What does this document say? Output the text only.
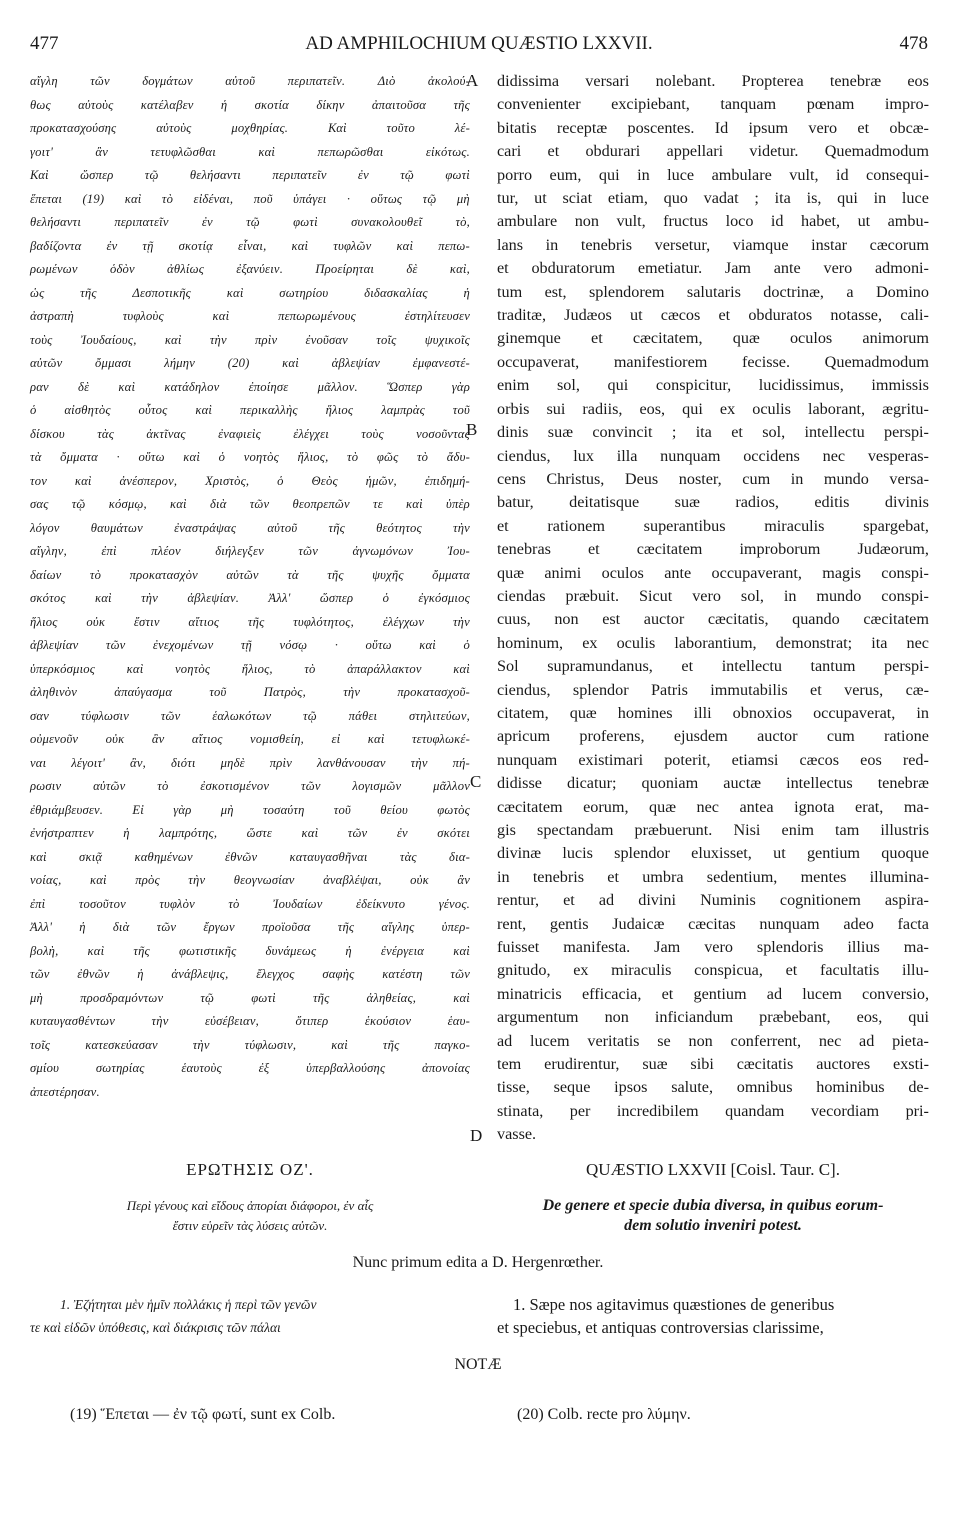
477	AD AMPHILOCHIUM QUÆSTIO LXXVII.	478
αἴγλη	τῶν	δογμάτων	αὐτοῦ	περιπατεῖν.	Διὸ	ἀκολού-
θως αὐτοὺς κατέλαβεν ἡ σκοτία δίκην ἀπαιτοῦσα τῆς
προκατασχούσης	αὐτοὺς	μοχθηρίας.	Καὶ	τοῦτο	λέ-
γοιτ'	ἂν	τετυφλῶσθαι	καὶ	πεπωρῶσθαι	εἰκότως.
Καὶ ὥσπερ τῷ θελήσαντι περιπατεῖν ἐν τῷ φωτὶ
ἕπεται (19) καὶ τὸ εἰδέναι, ποῦ ὑπάγει · οὕτως τῷ μὴ
θελήσαντι	περιπατεῖν	ἐν	τῷ	φωτὶ	συνακολουθεῖ	τὸ,
βαδίζοντα ἐν τῇ σκοτίᾳ εἶναι, καὶ τυφλῶν καὶ πεπω-
ρωμένων	ὁδὸν	ἀθλίως	ἐξανύειν.	Προείρηται	δὲ	καὶ,
ὡς	τῆς	Δεσποτικῆς	καὶ	σωτηρίου	διδασκαλίας	ἡ
ἀστραπὴ	τυφλοὺς	καὶ	πεπωρωμένους	ἐστηλίτευσεν
τοὺς Ἰουδαίους, καὶ τὴν πρὶν ἐνοῦσαν τοῖς ψυχικοῖς
αὐτῶν	ὄμμασι	λήμην	(20)	καὶ	ἀβλεψίαν	ἐμφανεστέ-
ραν δὲ καὶ κατάδηλον ἐποίησε μᾶλλον. Ὥσπερ γὰρ
ὁ αἰσθητὸς οὗτος καὶ περικαλλὴς ἥλιος λαμπρὰς τοῦ
δίσκου	τὰς	ἀκτῖνας	ἐναφιεὶς	ἐλέγχει	τοὺς	νοσοῦντας
τὰ ὄμματα · οὕτω καὶ ὁ νοητὸς ἥλιος, τὸ φῶς τὸ ἄδυ-
τον καὶ ἀνέσπερον, Χριστὸς, ὁ Θεὸς ἡμῶν, ἐπιδημή-
σας τῷ κόσμῳ, καὶ διὰ τῶν θεοπρεπῶν τε καὶ ὑπὲρ
λόγον θαυμάτων ἐναστράψας αὐτοῦ τῆς θεότητος τὴν
αἴγλην,	ἐπὶ	πλέον	διήλεγξεν	τῶν	ἀγνωμόνων	Ἰου-
δαίων τὸ προκατασχὸν αὐτῶν τὰ τῆς ψυχῆς ὄμματα
σκότος καὶ τὴν ἀβλεψίαν. Ἀλλ' ὥσπερ ὁ ἐγκόσμιος
ἥλιος οὐκ ἔστιν αἴτιος τῆς τυφλότητος, ἐλέγχων τὴν
ἀβλεψίαν τῶν ἐνεχομένων τῇ νόσῳ · οὕτω καὶ ὁ
ὑπερκόσμιος	καὶ	νοητὸς	ἥλιος,	τὸ	ἀπαράλλακτον	καὶ
ἀληθινὸν	ἀπαύγασμα	τοῦ	Πατρὸς,	τὴν	προκατασχοῦ-
σαν	τύφλωσιν	τῶν	ἑαλωκότων	τῷ	πάθει	στηλιτεύων,
οὐμενοῦν οὐκ ἂν αἴτιος νομισθείη, εἰ καὶ τετυφλωκέ-
ναι λέγοιτ' ἂν, διότι μηδὲ πρὶν λανθάνουσαν τὴν πή-
ρωσιν	αὐτῶν	τὸ	ἐσκοτισμένον	τῶν	λογισμῶν	μᾶλλον
ἐθριάμβευσεν. Εἰ γὰρ μὴ τοσαύτη τοῦ θείου φωτὸς
ἐνήστραπτεν ἡ λαμπρότης, ὥστε καὶ τῶν ἐν σκότει
καὶ	σκιᾷ	καθημένων	ἐθνῶν	καταυγασθῆναι	τὰς	δια-
νοίας, καὶ πρὸς τὴν θεογνωσίαν ἀναβλέψαι, οὐκ ἂν
ἐπὶ	τοσοῦτον	τυφλὸν	τὸ	Ἰουδαίων	ἐδείκνυτο	γένος.
Ἀλλ' ἡ διὰ τῶν ἔργων προϊοῦσα τῆς αἴγλης ὑπερ-
βολὴ, καὶ τῆς φωτιστικῆς δυνάμεως ἡ ἐνέργεια καὶ
τῶν ἐθνῶν ἡ ἀνάβλεψις, ἔλεγχος σαφὴς κατέστη τῶν
μὴ	προσδραμόντων	τῷ	φωτὶ	τῆς	ἀληθείας,	καὶ
κυταυγασθέντων	τὴν	εὐσέβειαν,	ὅτιπερ	ἑκούσιον	ἑαυ-
τοῖς	κατεσκεύασαν	τὴν	τύφλωσιν,	καὶ	τῆς	παγκο-
σμίου	σωτηρίας	ἑαυτοὺς	ἐξ	ὑπερβαλλούσης	ἀπονοίας
ἀπεστέρησαν.
didissima versari nolebant. Propterea tenebræ eos
convenienter excipiebant, tanquam pœnam impro-
bitatis receptæ poscentes. Id ipsum vero et obcæ-
cari et obdurari appellari videtur. Quemadmodum
porro eum, qui in luce ambulare vult, id consequi-
tur, ut sciat etiam, quo vadat ; ita is, qui in luce
ambulare non vult, fructus loco id habet, ut ambu-
lans in tenebris versetur, viamque instar cæcorum
et obduratorum emetiatur. Jam ante vero admoni-
tum est, splendorem salutaris doctrinæ, a Domino
traditæ, Judæos ut cæcos et obduratos notasse, cali-
ginemque et cæcitatem, quæ oculos animorum
occupaverat, manifestiorem fecisse. Quemadmodum
enim sol, qui conspicitur, lucidissimus, immissis
orbis sui radiis, eos, qui ex oculis laborant, ægritu-
dinis suæ convincit ; ita et sol, intellectu perspi-
ciendus, lux illa nunquam occidens nec vesperas-
cens Christus, Deus noster, cum in mundo versa-
batur, deitatisque suæ radios, editis divinis
et rationem superantibus miraculis spargebat,
tenebras et cæcitatem improborum Judæorum,
quæ animi oculos ante occupaverant, magis conspi-
ciendas præbuit. Sicut vero sol, in mundo conspi-
cuus, non est auctor cæcitatis, quando cæcitatem
hominum, ex oculis laborantium, demonstrat; ita nec
Sol supramundanus, et intellectu tantum perspi-
ciendus, splendor Patris immutabilis et verus, cæ-
citatem, quæ homines illi obnoxios occupaverat, in
apricum proferens, ejusdem auctor cum ratione
nunquam existimari poterit, etiamsi cæcos eos red-
didisse dicatur; quoniam auctæ intellectus tenebræ
cæcitatem eorum, quæ nec antea ignota erat, ma-
gis spectandam præbuerunt. Nisi enim tam illustris
divinæ lucis splendor eluxisset, ut gentium quoque
in tenebris et umbra sedentium, mentes illumina-
rentur, et ad divini Numinis cognitionem aspira-
rent, gentis Judaicæ cæcitas nunquam adeo facta
fuisset manifesta. Jam vero splendoris illius ma-
gnitudo, ex miraculis conspicua, et facultatis illu-
minatricis efficacia, et gentium ad lucem conversio,
argumentum non inficiandum præbebant, eos, qui
ad lucem veritatis se non conferrent, nec ad pieta-
tem erudirentur, suæ sibi cæcitatis auctores exsti-
tisse, seque ipsos salute, omnibus hominibus de-
stinata, per incredibilem quandam vecordiam pri-
vasse.
A
B
C
D
ΕΡΩΤΗΣΙΣ ΟΖ'.	QUÆSTIO LXXVII [Coisl. Taur. C].
Περὶ γένους καὶ εἴδους ἀπορίαι διάφοροι, ἐν αἷς
ἔστιν εὑρεῖν τὰς λύσεις αὐτῶν.
De genere et specie dubia diversa, in quibus eorum-
dem solutio inveniri potest.
Nunc primum edita a D. Hergenrœther.
1. Ἐζήτηται μὲν ἡμῖν πολλάκις ἡ περὶ τῶν γενῶν
τε καὶ εἰδῶν ὑπόθεσις, καὶ διάκρισις τῶν πάλαι
1. Sæpe nos agitavimus quæstiones de generibus
et speciebus, et antiquas controversias clarissime,
NOTÆ
(19) Ἕπεται — ἐν τῷ φωτί, sunt ex Colb.	(20) Colb. recte pro λύμην.
